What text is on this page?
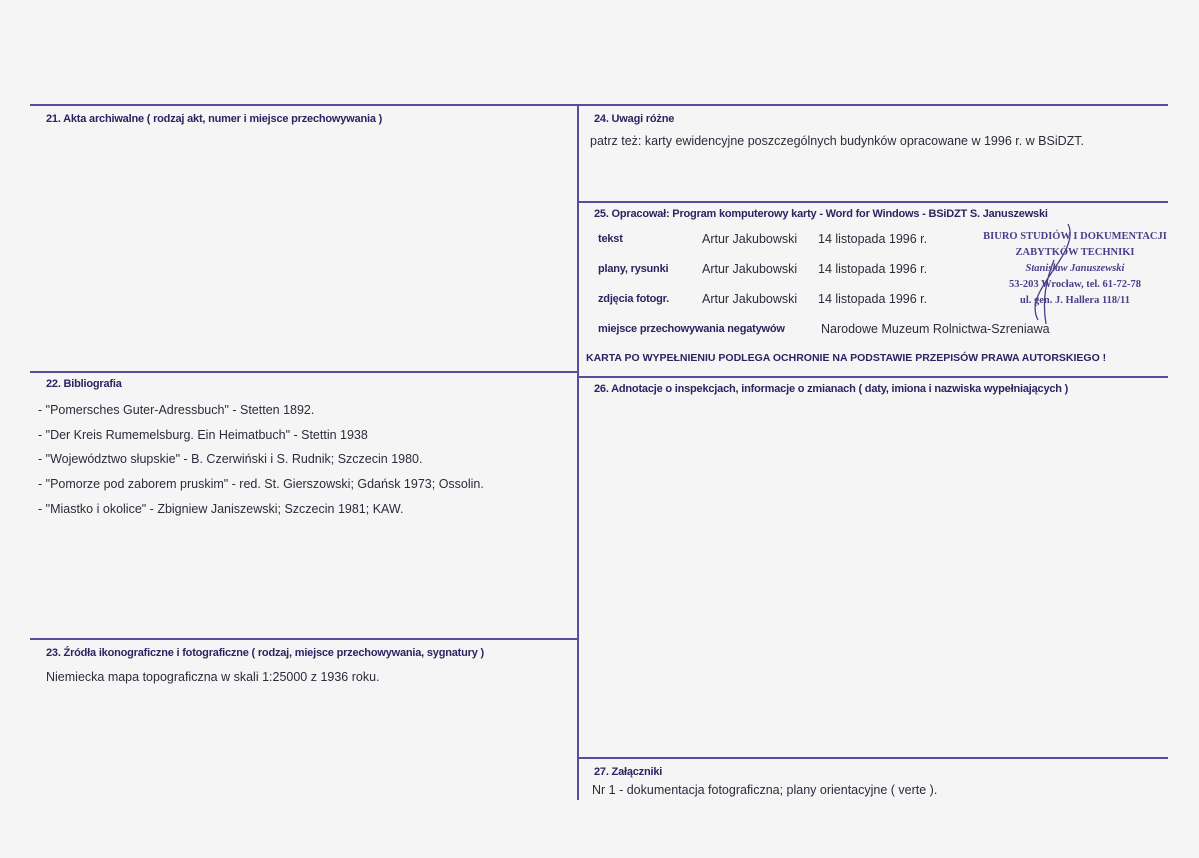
21. Akta archiwalne ( rodzaj akt, numer i miejsce przechowywania )
22. Bibliografia
- "Pomersches Guter-Adressbuch" - Stetten 1892.
- "Der Kreis Rumemelsburg. Ein Heimatbuch" - Stettin 1938
- "Województwo słupskie" - B. Czerwiński i S. Rudnik; Szczecin 1980.
- "Pomorze pod zaborem pruskim" - red. St. Gierszowski; Gdańsk 1973; Ossolin.
- "Miastko i okolice" - Zbigniew Janiszewski; Szczecin 1981; KAW.
23. Źródła ikonograficzne i fotograficzne ( rodzaj, miejsce przechowywania, sygnatury )
Niemiecka mapa topograficzna w skali 1:25000 z 1936 roku.
24. Uwagi różne
patrz też: karty ewidencyjne poszczególnych budynków opracowane w 1996 r. w BSiDZT.
25. Opracował: Program komputerowy karty - Word for Windows - BSiDZT S. Januszewski
tekst	Artur Jakubowski 14 listopada 1996 r.
plany, rysunki	Artur Jakubowski 14 listopada 1996 r.
zdjęcia fotogr.	Artur Jakubowski 14 listopada 1996 r.
miejsce przechowywania negatywów	Narodowe Muzeum Rolnictwa-Szreniawa
KARTA PO WYPEŁNIENIU PODLEGA OCHRONIE NA PODSTAWIE PRZEPISÓW PRAWA AUTORSKIEGO !
BIURO STUDIÓW I DOKUMENTACJI
ZABYTKÓW TECHNIKI
Stanisław Januszewski
53-203 Wrocław, tel. 61-72-78
ul. gen. J. Hallera 118/11
26. Adnotacje o inspekcjach, informacje o zmianach ( daty, imiona i nazwiska wypełniających )
27. Załączniki
Nr 1 - dokumentacja fotograficzna; plany orientacyjne ( verte ).
